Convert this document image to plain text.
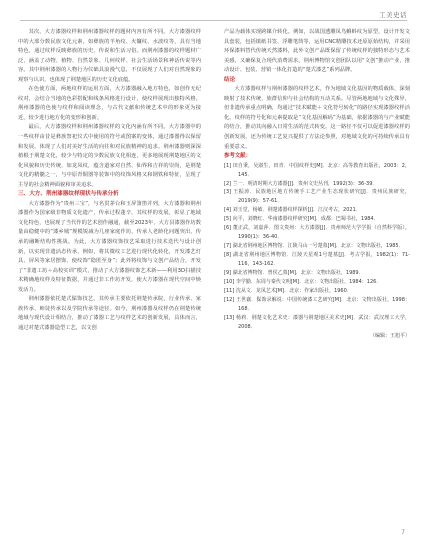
工美史话

其次，大方漆器纹样和荆州漆器纹样的题材内容有所不同。大方漆器纹样中的大部分数民族文化元素，如彝族的羊角纹、火镰纹、水波纹等，具有当地特色，通过纹样反映彝族的历史、传说和生活习俗。而荆州漆器的纹样题材广泛，涵盖了动物、植物、自然景象、几何纹样、社会生活场景和神话传说等内容。其中荆州漆器的人物行为仪础具浪漫气息，不仅展现了人们对自然现象的观察与认识，也体现了荆楚地区的历史文化底蕴。

在色使方面，两地纹样的运用方面，大方漆器融入地方特色，如创作无纪纹对，会结合当地的色彩搭配和线条风格进行设计，使纹样展现出独特风格。荆州漆器的色使与纹样和阅读理念，与古代文献和传统艺术中的形象更为接近，较少进行地方化的变形和创新。

最后，大方漆器纹样和荆州漆器纹样的文化内涵有所不同。大方漆器中的一些纹样由昔是彝族祭祀仪式中使用的符号或图案的变体，通过漆器得以保留和发展，体现了人们对美好生活的向往和对民族精神的追求。荆州漆器则深深植根于荆楚文化，较少与特定的少数民族文化相连，更多地展现荆楚地区的文化风貌和历史传统，如龙凤纹，蕴含道家对自然、仙界和吉祥的崇尚，是荆楚文化的精髓之一，与中原青铜器等装饰中的纹饰风格又和钢铁和特征，呈现了主导的社会精神面貌和审美追求。

三、大方、荆州漆器纹样现状与传承分析

大方漆器作为“贵州三宝”，与名贯茅台和玉屏箫笛并列，大方漆器和荆州漆器作为国家级非物质文化遗产，传承过程蓬辛，其纹样的发展，彰显了地域文化特色，也展现了当代作的艺术创作融通，截至2023年，大方县漆器作坊数量由稳健中的“漆乡城”规模锐减为几座家庭作坊，传承人老龄化问题突出，传承的融断结构性挑战。为此，大方漆器纹饰技艺采取进行技术迭代与设计创新，以实现非遗活态传承，例如，将其微纹工艺进行现代化转化，开发漆艺灯具、屏风等家居摆饰，使纹饰“隐匿至身”；此外将纹饰与文创产品结合，开发了“非遗工坊＋高校实训”模式，推动了大方漆器纹饰艺术新——利用3D扫描技术精确地纹样及特征数据，并通过非工作坊开发，使大方漆器在现代空间中焕发活力。

荆州漆器依托楚式髹饰技艺，其传承主要依托荆楚传承院，行业传承、家族传承、师徒传承以及学院传承等途径。如今，荆州漆器及纹样仍在荆楚传统地域与现代设计相结合，推动了漆器工艺与纹样艺术的创新发展，具体而言，通过对楚式漆器造型工艺，以文创

产品为载体实现跨媒介转化。例如，以战国透雕凤鸟蝌蚪纹为原型，设计开发文具套装，包括镇纸书签、浮雕笔筒等，运用CNC精雕技术还原原始结构，并采用环保漆料替代传统天然漆料，此外文创产品既保留了传统纹样的独特形态与艺术美感，又确保复合现代消费需求。荆州博物馆文创团队以用“文创”推动产业，推动设计、包装、营销一体化打造的“楚式漆艺”系列品牌。

结论

大方漆器纹样与荆州漆器的纹样艺术，作为地域文化基因的物质载体，深刻映射了技术传统、族群信仰与社会结构的互动关系。尽管两地地域与文化殊异，但非遗传承重点明确，均通过“技术赋能＋文化符号转化”的路径实现漆器纹样活化。纹样的符号化和元素提取是“文化基因解码”为基础，依据漆器的与产业赋能的结合，推动其向融入日常生活的范式转变。这一路径不仅可以促进漆器纹样的创新发展，还为传统工艺复兴提供了方法论参照，对地域文化的可持续传承具有重要意义。

参考文献：
[1] 田自秉，吴淑生，田青．中国纹样史[M]．北京：高等教育出版社，2003：2，145．
[2] 兰一．明清时期大方漆器[J]．贵州文史丛刊，1992(3)：36-39．
[3] 王振涛．民族地区地方传统手工艺产业生态现状研究[J]．贵州民族研究，2019(9)：57-61．
[4] 刘玉堂，杨敏．荆楚漆器纹样探析[J]．江汉考古，2021．
[5] 向平，刘晓红．华南漆器纹样研究[M]．成都：巴蜀书社，1984．
[6] 董正武，刘嘉萍．图文贵州：大方漆器[J]．贵州师范大学学报（自然科学版），1990(1)：36-40．
[7] 湖北省荆州地区博物馆．江陵马山一号楚墓[M]．北京：文物出版社，1985．
[8] 湖北省荆州地区博物馆．江陵天星观1号楚墓[J]．考古学报，1982(1)：71-116，143-162．
[9] 湖北省博物馆．曾侯乙墓[M]．北京：文物出版社，1989．
[10] 李学勤．东周与秦代文明[M]．北京：文物出版社，1984：126．
[11] 沈从文．龙凤艺术[M]．北京：作家出版社，1960．
[12] 王世襄．髹饰录解说：中国传统漆工艺研究[M]．北京：文物出版社，1998：168．
[13] 杨莉．荆楚文化艺术史：漆器与荆楚地区美术史[M]．武汉：武汉理工大学，2008．
（编辑：王旭平）
7
